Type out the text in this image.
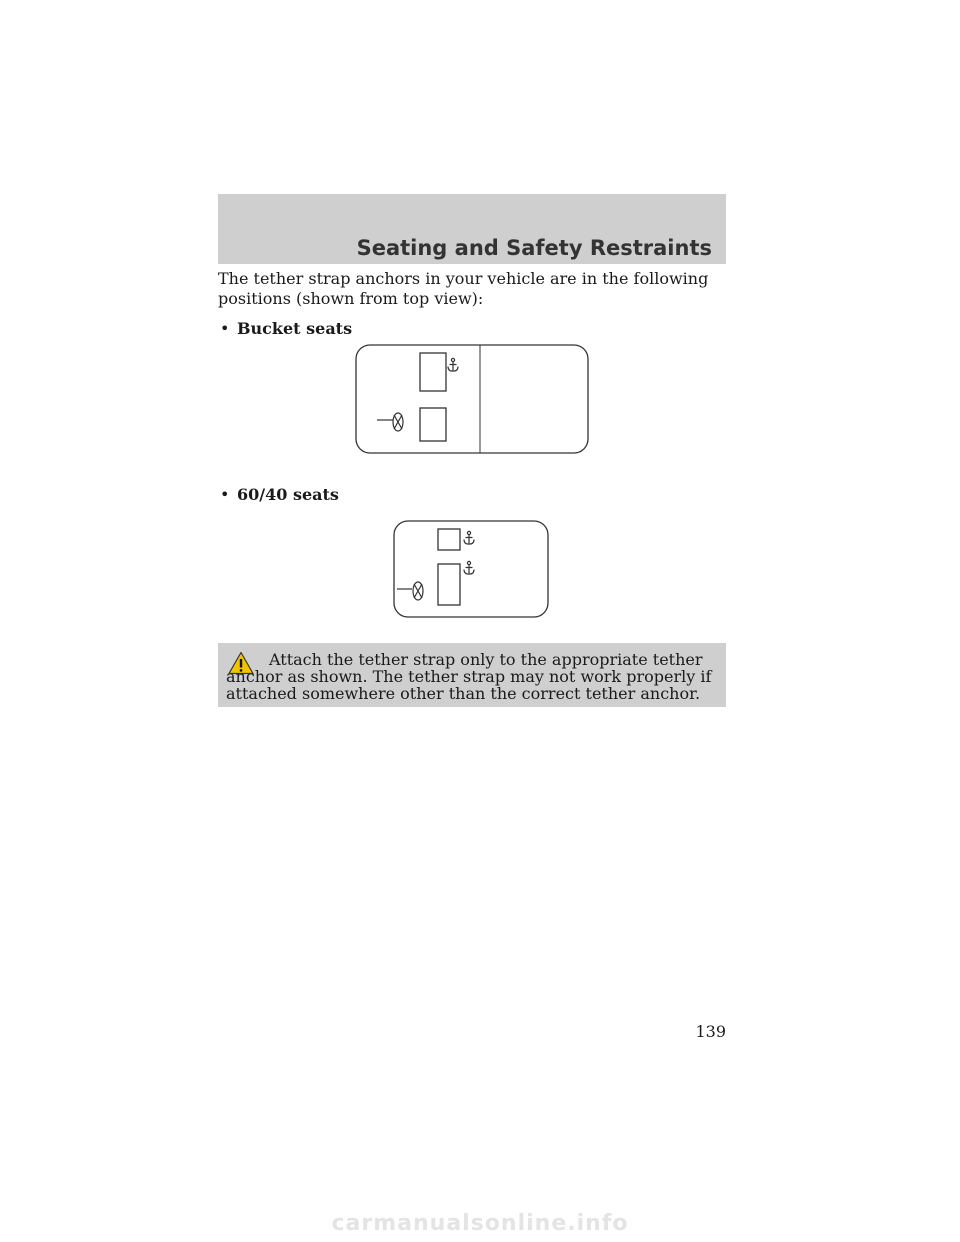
Seating and Safety Restraints

The tether strap anchors in your vehicle are in the following positions (shown from top view):

• Bucket seats

• 60/40 seats

Attach the tether strap only to the appropriate tether anchor as shown. The tether strap may not work properly if attached somewhere other than the correct tether anchor.

139

carmanualsonline.info
